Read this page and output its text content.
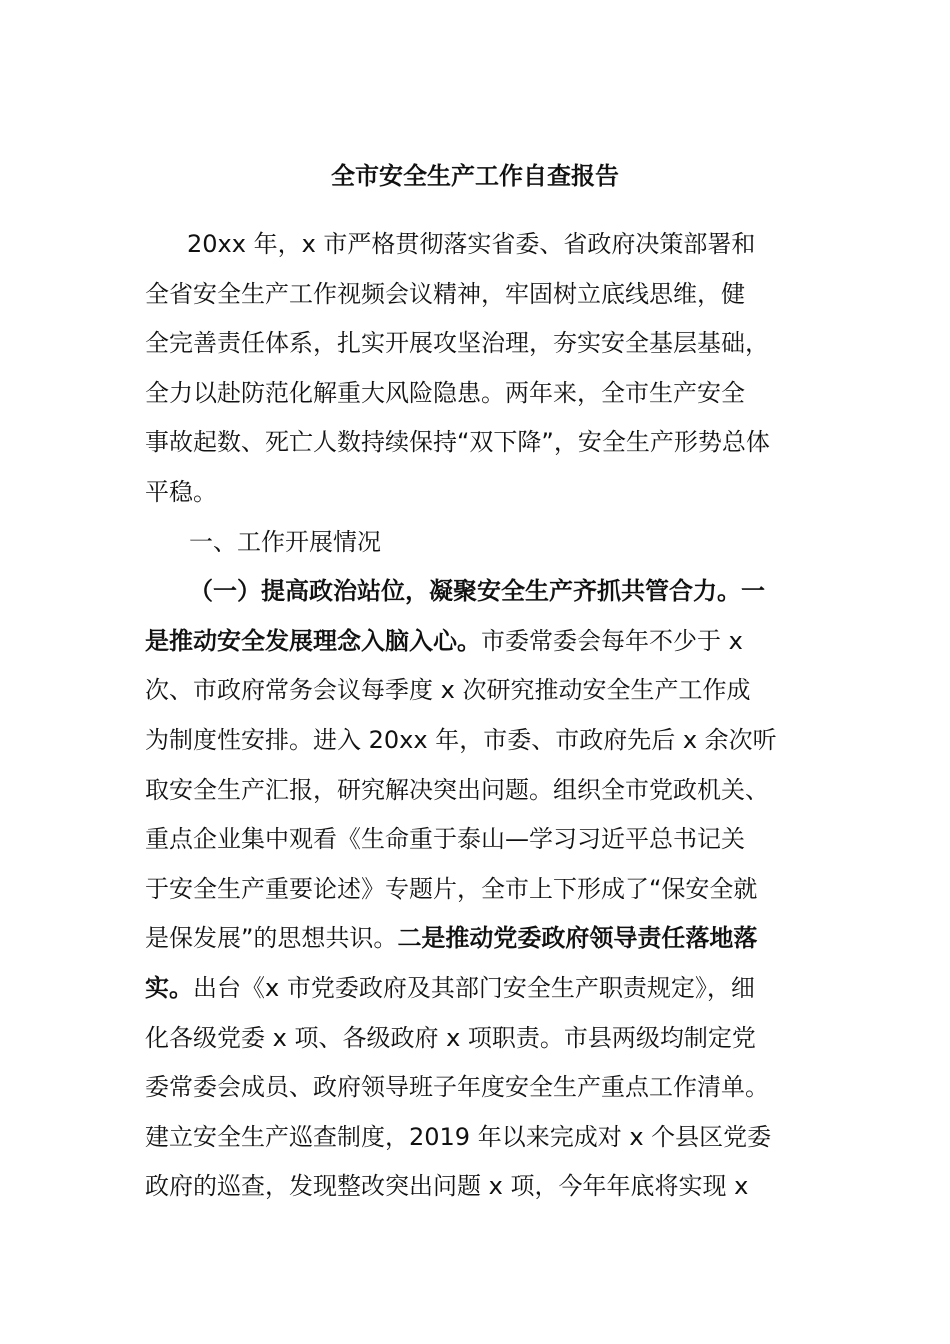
全市安全生产工作自查报告
20xx 年，x 市严格贯彻落实省委、省政府决策部署和
全省安全生产工作视频会议精神，牢固树立底线思维，健
全完善责任体系，扎实开展攻坚治理，夯实安全基层基础，
全力以赴防范化解重大风险隐患。两年来，全市生产安全
事故起数、死亡人数持续保持“双下降”，安全生产形势总体
平稳。
一、工作开展情况
（一）提高政治站位，凝聚安全生产齐抓共管合力。一
是推动安全发展理念入脑入心。市委常委会每年不少于 x
次、市政府常务会议每季度 x 次研究推动安全生产工作成
为制度性安排。进入 20xx 年，市委、市政府先后 x 余次听
取安全生产汇报，研究解决突出问题。组织全市党政机关、
重点企业集中观看《生命重于泰山—学习习近平总书记关
于安全生产重要论述》专题片，全市上下形成了“保安全就
是保发展”的思想共识。二是推动党委政府领导责任落地落
实。出台《x 市党委政府及其部门安全生产职责规定》，细
化各级党委 x 项、各级政府 x 项职责。市县两级均制定党
委常委会成员、政府领导班子年度安全生产重点工作清单。
建立安全生产巡查制度，2019 年以来完成对 x 个县区党委
政府的巡查，发现整改突出问题 x 项，今年年底将实现 x
